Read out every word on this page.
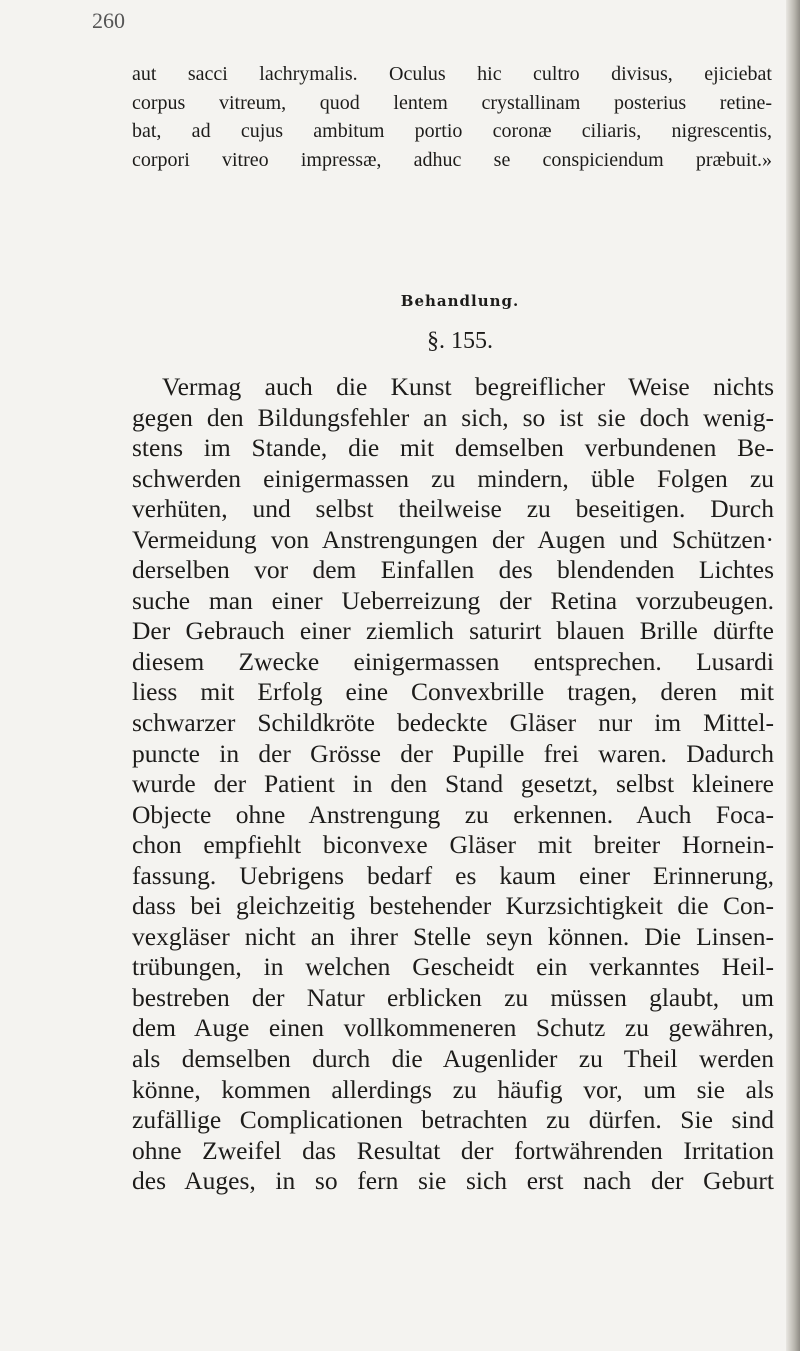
260
aut sacci lachrymalis. Oculus hic cultro divisus, ejiciebat
corpus vitreum, quod lentem crystallinam posterius retine-
bat, ad cujus ambitum portio coronæ ciliaris, nigrescentis,
corpori vitreo impressæ, adhuc se conspiciendum præbuit.»
Behandlung.
§. 155.
Vermag auch die Kunst begreiflicher Weise nichts
gegen den Bildungsfehler an sich, so ist sie doch wenig-
stens im Stande, die mit demselben verbundenen Be-
schwerden einigermassen zu mindern, üble Folgen zu
verhüten, und selbst theilweise zu beseitigen. Durch
Vermeidung von Anstrengungen der Augen und Schützen·
derselben vor dem Einfallen des blendenden Lichtes
suche man einer Ueberreizung der Retina vorzubeugen.
Der Gebrauch einer ziemlich saturirt blauen Brille dürfte
diesem Zwecke einigermassen entsprechen. Lusardi
liess mit Erfolg eine Convexbrille tragen, deren mit
schwarzer Schildkröte bedeckte Gläser nur im Mittel-
puncte in der Grösse der Pupille frei waren. Dadurch
wurde der Patient in den Stand gesetzt, selbst kleinere
Objecte ohne Anstrengung zu erkennen. Auch Foca-
chon empfiehlt biconvexe Gläser mit breiter Hornein-
fassung. Uebrigens bedarf es kaum einer Erinnerung,
dass bei gleichzeitig bestehender Kurzsichtigkeit die Con-
vexgläser nicht an ihrer Stelle seyn können. Die Linsen-
trübungen, in welchen Gescheidt ein verkanntes Heil-
bestreben der Natur erblicken zu müssen glaubt, um
dem Auge einen vollkommeneren Schutz zu gewähren,
als demselben durch die Augenlider zu Theil werden
könne, kommen allerdings zu häufig vor, um sie als
zufällige Complicationen betrachten zu dürfen. Sie sind
ohne Zweifel das Resultat der fortwährenden Irritation
des Auges, in so fern sie sich erst nach der Geburt
